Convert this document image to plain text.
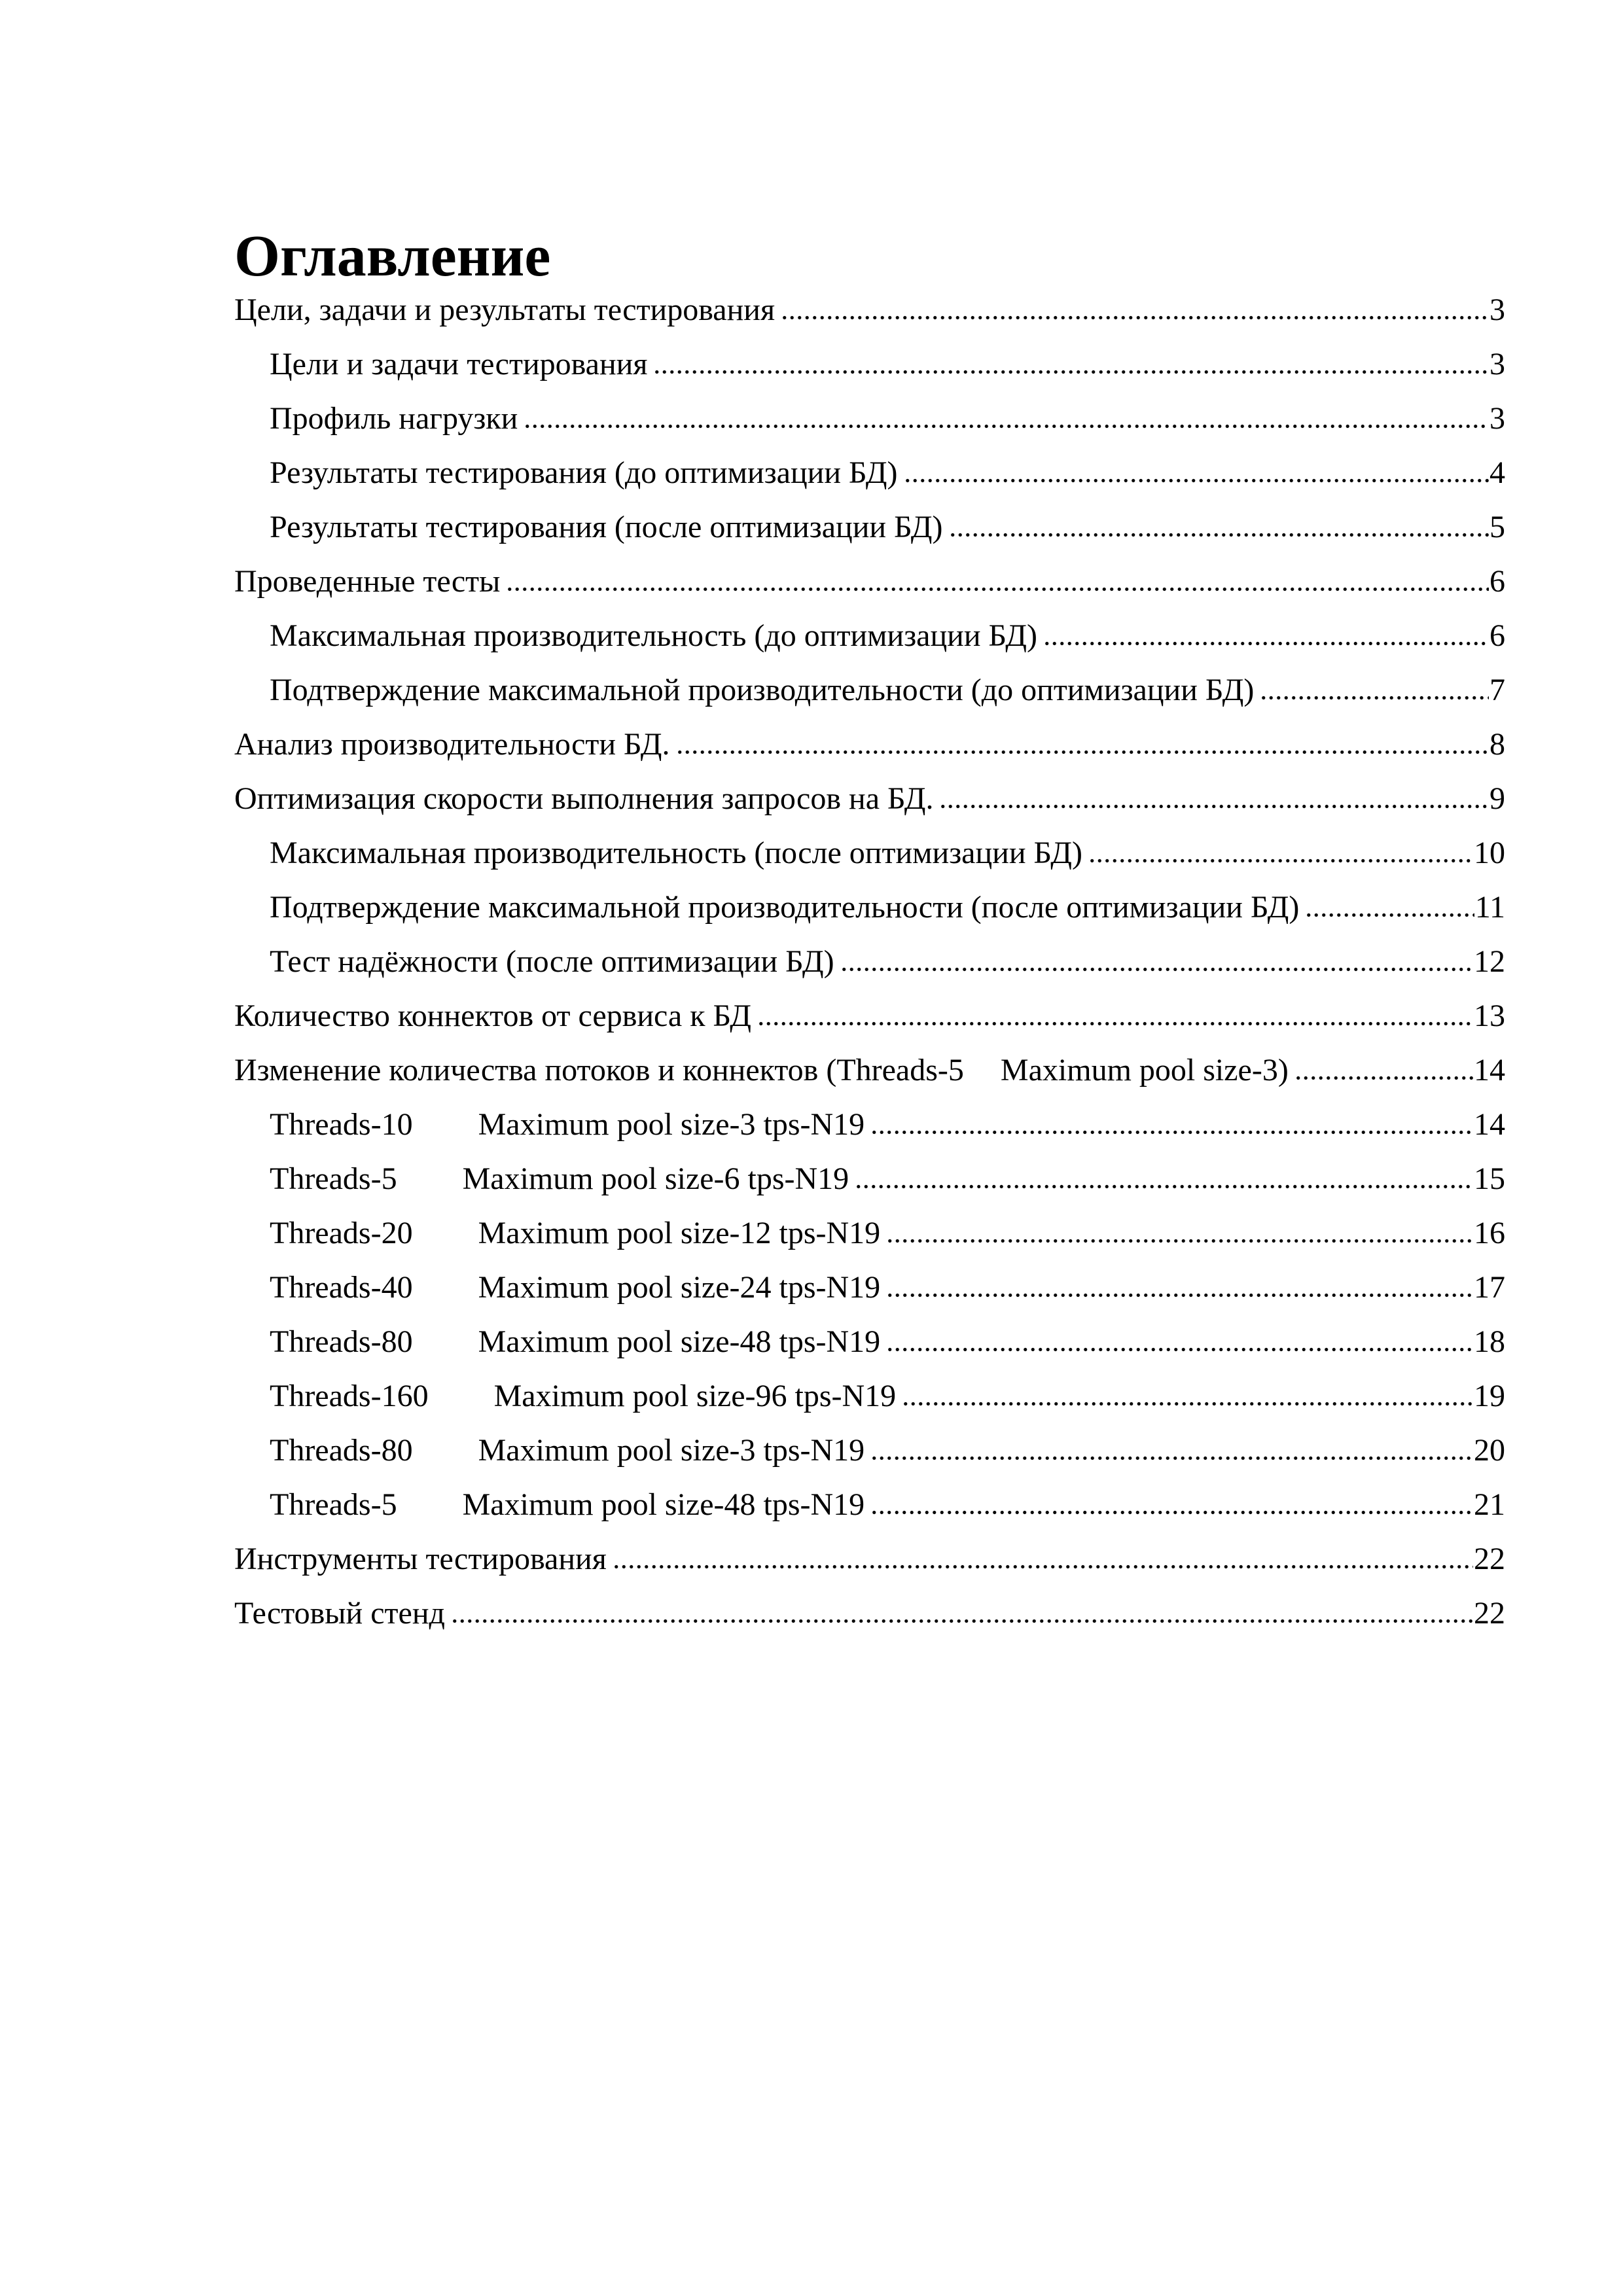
Оглавление
Цели, задачи и результаты тестирования	3
Цели и задачи тестирования	3
Профиль нагрузки	3
Результаты тестирования (до оптимизации БД)	4
Результаты тестирования (после оптимизации БД)	5
Проведенные тесты	6
Максимальная производительность (до оптимизации БД)	6
Подтверждение максимальной производительности (до оптимизации БД)	7
Анализ производительности БД.	8
Оптимизация скорости выполнения запросов на БД.	9
Максимальная производительность (после оптимизации БД)	10
Подтверждение максимальной производительности (после оптимизации БД)	11
Тест надёжности (после оптимизации БД)	12
Количество коннектов от сервиса к БД	13
Изменение количества потоков и коннектов (Threads-5 Maximum pool size-3)	14
Threads-10 Maximum pool size-3 tps-N19	14
Threads-5 Maximum pool size-6 tps-N19	15
Threads-20 Maximum pool size-12 tps-N19	16
Threads-40 Maximum pool size-24 tps-N19	17
Threads-80 Maximum pool size-48 tps-N19	18
Threads-160 Maximum pool size-96 tps-N19	19
Threads-80 Maximum pool size-3 tps-N19	20
Threads-5 Maximum pool size-48 tps-N19	21
Инструменты тестирования	22
Тестовый стенд	22
